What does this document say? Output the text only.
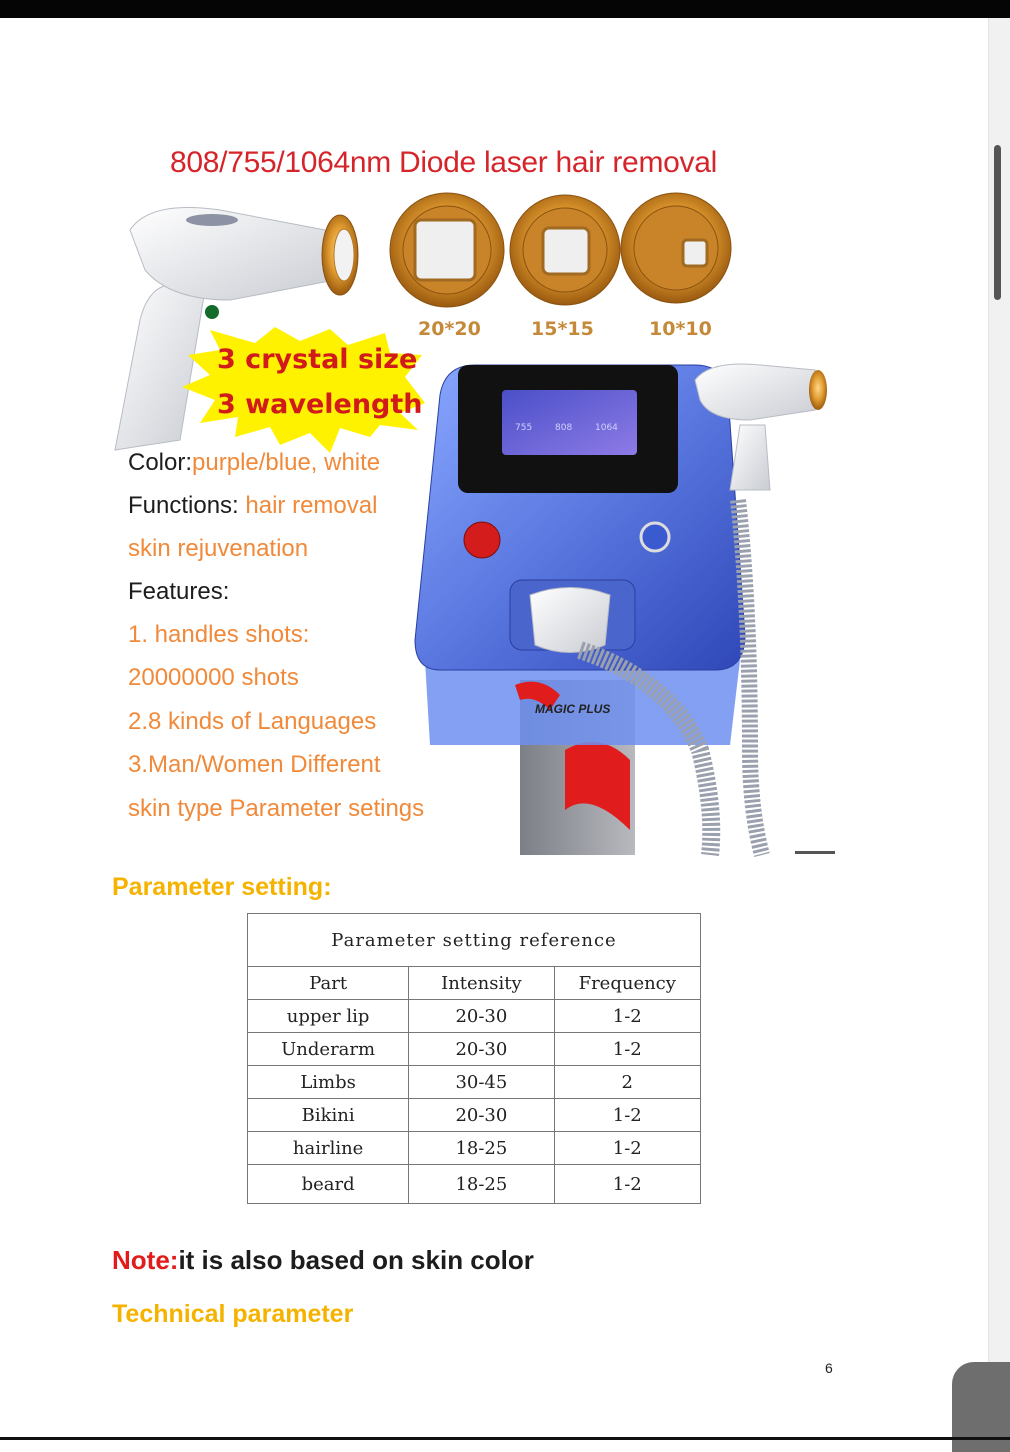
808/755/1064nm Diode laser hair removal
MAGIC PLUS
755	808	1064
20*20	15*15	10*10
3 crystal size
3 wavelength
Color:purple/blue, white
Functions: hair removal
skin rejuvenation
Features:
1. handles shots:
20000000 shots
2.8 kinds of Languages
3.Man/Women Different
skin type Parameter setings
Parameter setting:
Parameter setting reference		
Part	Intensity	Frequency
upper lip	20-30	1-2
Underarm	20-30	1-2
Limbs	30-45	2
Bikini	20-30	1-2
hairline	18-25	1-2
beard	18-25	1-2
Note:it is also based on skin color
Technical parameter
6
